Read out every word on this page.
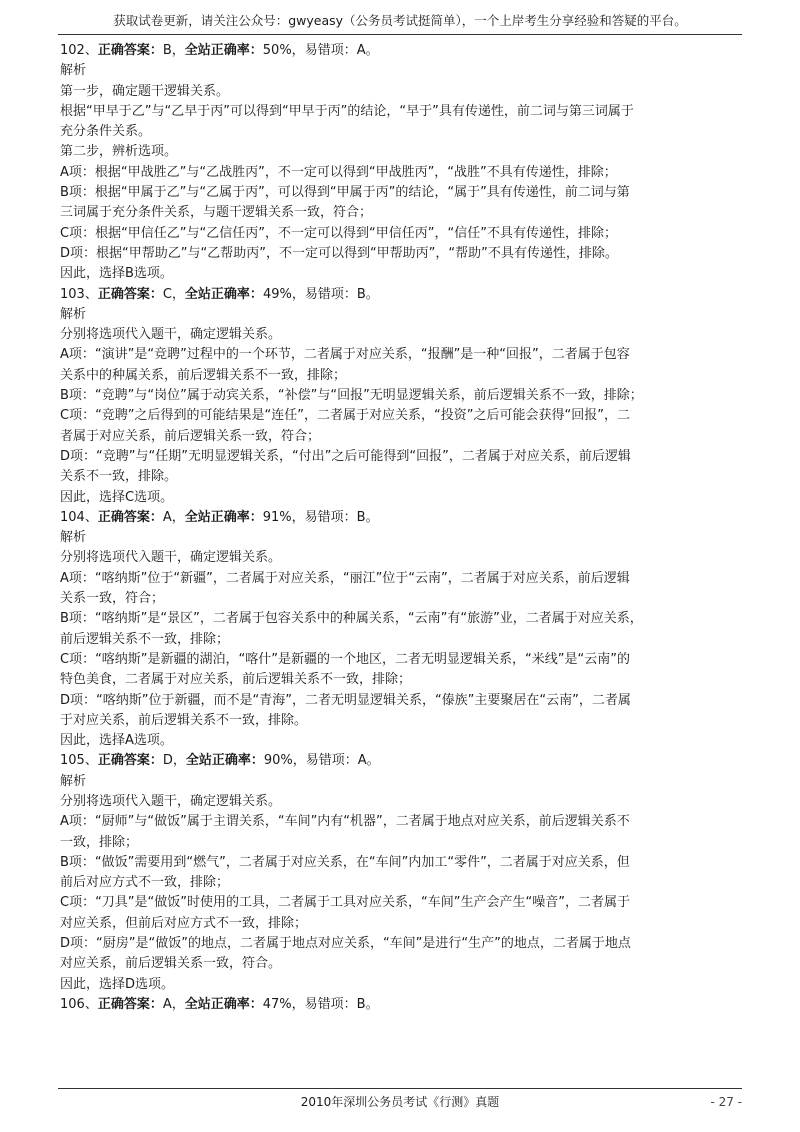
获取试卷更新，请关注公众号：gwyeasy（公务员考试挺简单），一个上岸考生分享经验和答疑的平台。
102、正确答案：B，全站正确率：50%，易错项：A。
解析
第一步，确定题干逻辑关系。
根据“甲早于乙”与“乙早于丙”可以得到“甲早于丙”的结论，“早于”具有传递性，前二词与第三词属于
充分条件关系。
第二步，辨析选项。
A项：根据“甲战胜乙”与“乙战胜丙”，不一定可以得到“甲战胜丙”，“战胜”不具有传递性，排除；
B项：根据“甲属于乙”与“乙属于丙”，可以得到“甲属于丙”的结论，“属于”具有传递性，前二词与第
三词属于充分条件关系，与题干逻辑关系一致，符合；
C项：根据“甲信任乙”与“乙信任丙”，不一定可以得到“甲信任丙”，“信任”不具有传递性，排除；
D项：根据“甲帮助乙”与“乙帮助丙”，不一定可以得到“甲帮助丙”，“帮助”不具有传递性，排除。
因此，选择B选项。
103、正确答案：C，全站正确率：49%，易错项：B。
解析
分别将选项代入题干，确定逻辑关系。
A项：“演讲”是“竞聘”过程中的一个环节，二者属于对应关系，“报酬”是一种“回报”，二者属于包容
关系中的种属关系，前后逻辑关系不一致，排除；
B项：“竞聘”与“岗位”属于动宾关系，“补偿”与“回报”无明显逻辑关系，前后逻辑关系不一致，排除；
C项：“竞聘”之后得到的可能结果是“连任”，二者属于对应关系，“投资”之后可能会获得“回报”，二
者属于对应关系，前后逻辑关系一致，符合；
D项：“竞聘”与“任期”无明显逻辑关系，“付出”之后可能得到“回报”，二者属于对应关系，前后逻辑
关系不一致，排除。
因此，选择C选项。
104、正确答案：A，全站正确率：91%，易错项：B。
解析
分别将选项代入题干，确定逻辑关系。
A项：“喀纳斯”位于“新疆”，二者属于对应关系，“丽江”位于“云南”，二者属于对应关系，前后逻辑
关系一致，符合；
B项：“喀纳斯”是“景区”，二者属于包容关系中的种属关系，“云南”有“旅游”业，二者属于对应关系，
前后逻辑关系不一致，排除；
C项：“喀纳斯”是新疆的湖泊，“喀什”是新疆的一个地区，二者无明显逻辑关系，“米线”是“云南”的
特色美食，二者属于对应关系，前后逻辑关系不一致，排除；
D项：“喀纳斯”位于新疆，而不是“青海”，二者无明显逻辑关系，“傣族”主要聚居在“云南”，二者属
于对应关系，前后逻辑关系不一致，排除。
因此，选择A选项。
105、正确答案：D，全站正确率：90%，易错项：A。
解析
分别将选项代入题干，确定逻辑关系。
A项：“厨师”与“做饭”属于主谓关系，“车间”内有“机器”，二者属于地点对应关系，前后逻辑关系不
一致，排除；
B项：“做饭”需要用到“燃气”，二者属于对应关系，在“车间”内加工“零件”，二者属于对应关系，但
前后对应方式不一致，排除；
C项：“刀具”是“做饭”时使用的工具，二者属于工具对应关系，“车间”生产会产生“噪音”，二者属于
对应关系，但前后对应方式不一致，排除；
D项：“厨房”是“做饭”的地点，二者属于地点对应关系，“车间”是进行“生产”的地点，二者属于地点
对应关系，前后逻辑关系一致，符合。
因此，选择D选项。
106、正确答案：A，全站正确率：47%，易错项：B。
2010年深圳公务员考试《行测》真题	- 27 -
